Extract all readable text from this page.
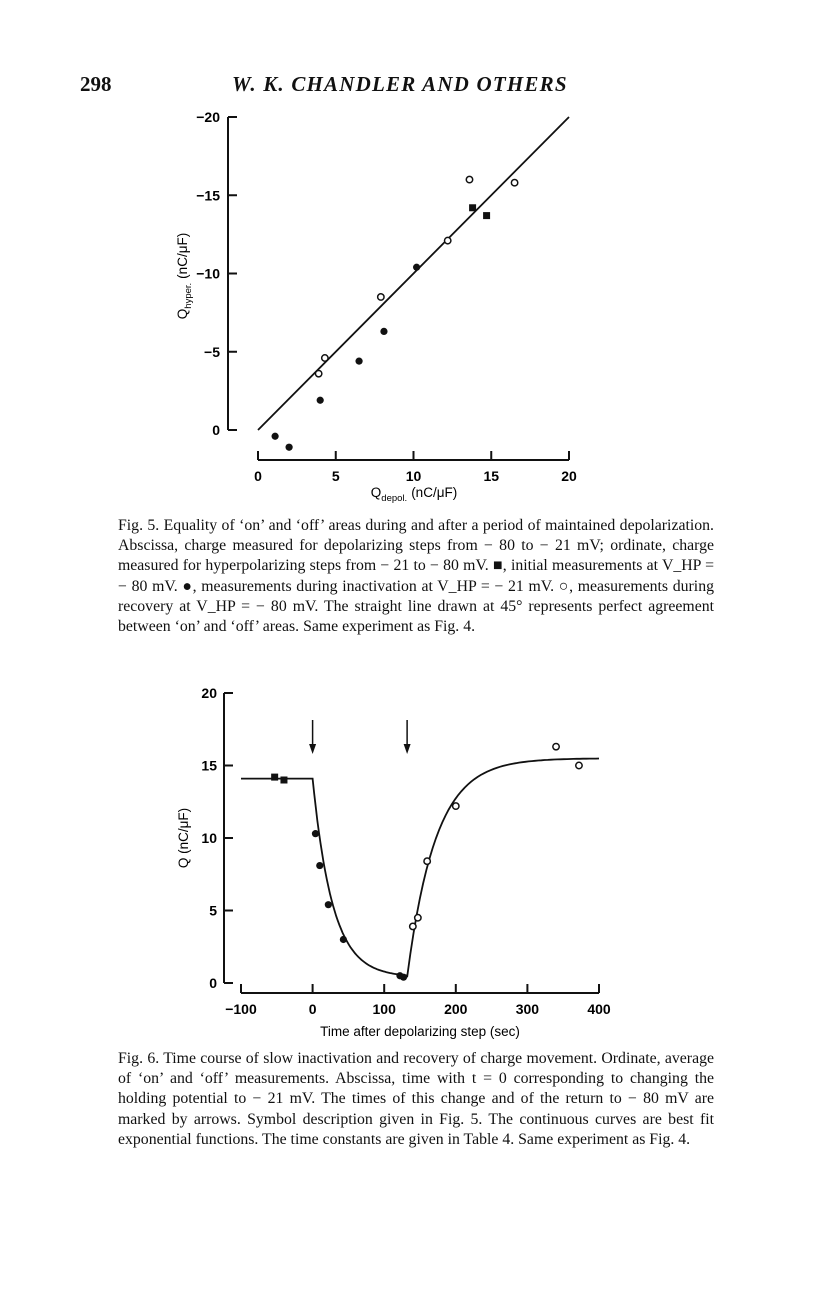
298	W. K. CHANDLER AND OTHERS
0
−5
−10
−15
−20
0	5	10	15	20
$Q_{depol.}$ (nC/μF)
$Q_{hyper.}(nC/\mu F)$

Fig. 5. Equality of ‘on’ and ‘off’ areas during and after a period of maintained depolarization. Abscissa, charge measured for depolarizing steps from − 80 to − 21 mV; ordinate, charge measured for hyperpolarizing steps from − 21 to − 80 mV. ■, initial measurements at V_HP = − 80 mV. ●, measurements during inactivation at V_HP = − 21 mV. ○, measurements during recovery at V_HP = − 80 mV. The straight line drawn at 45° represents perfect agreement between ‘on’ and ‘off’ areas. Same experiment as Fig. 4.

0
5
10
15
20
−100	0	100	200	300	400
Time after depolarizing step (sec)
Q (nC/μF)

Fig. 6. Time course of slow inactivation and recovery of charge movement. Ordinate, average of ‘on’ and ‘off’ measurements. Abscissa, time with t = 0 corresponding to changing the holding potential to − 21 mV. The times of this change and of the return to − 80 mV are marked by arrows. Symbol description given in Fig. 5. The continuous curves are best fit exponential functions. The time constants are given in Table 4. Same experiment as Fig. 4.
